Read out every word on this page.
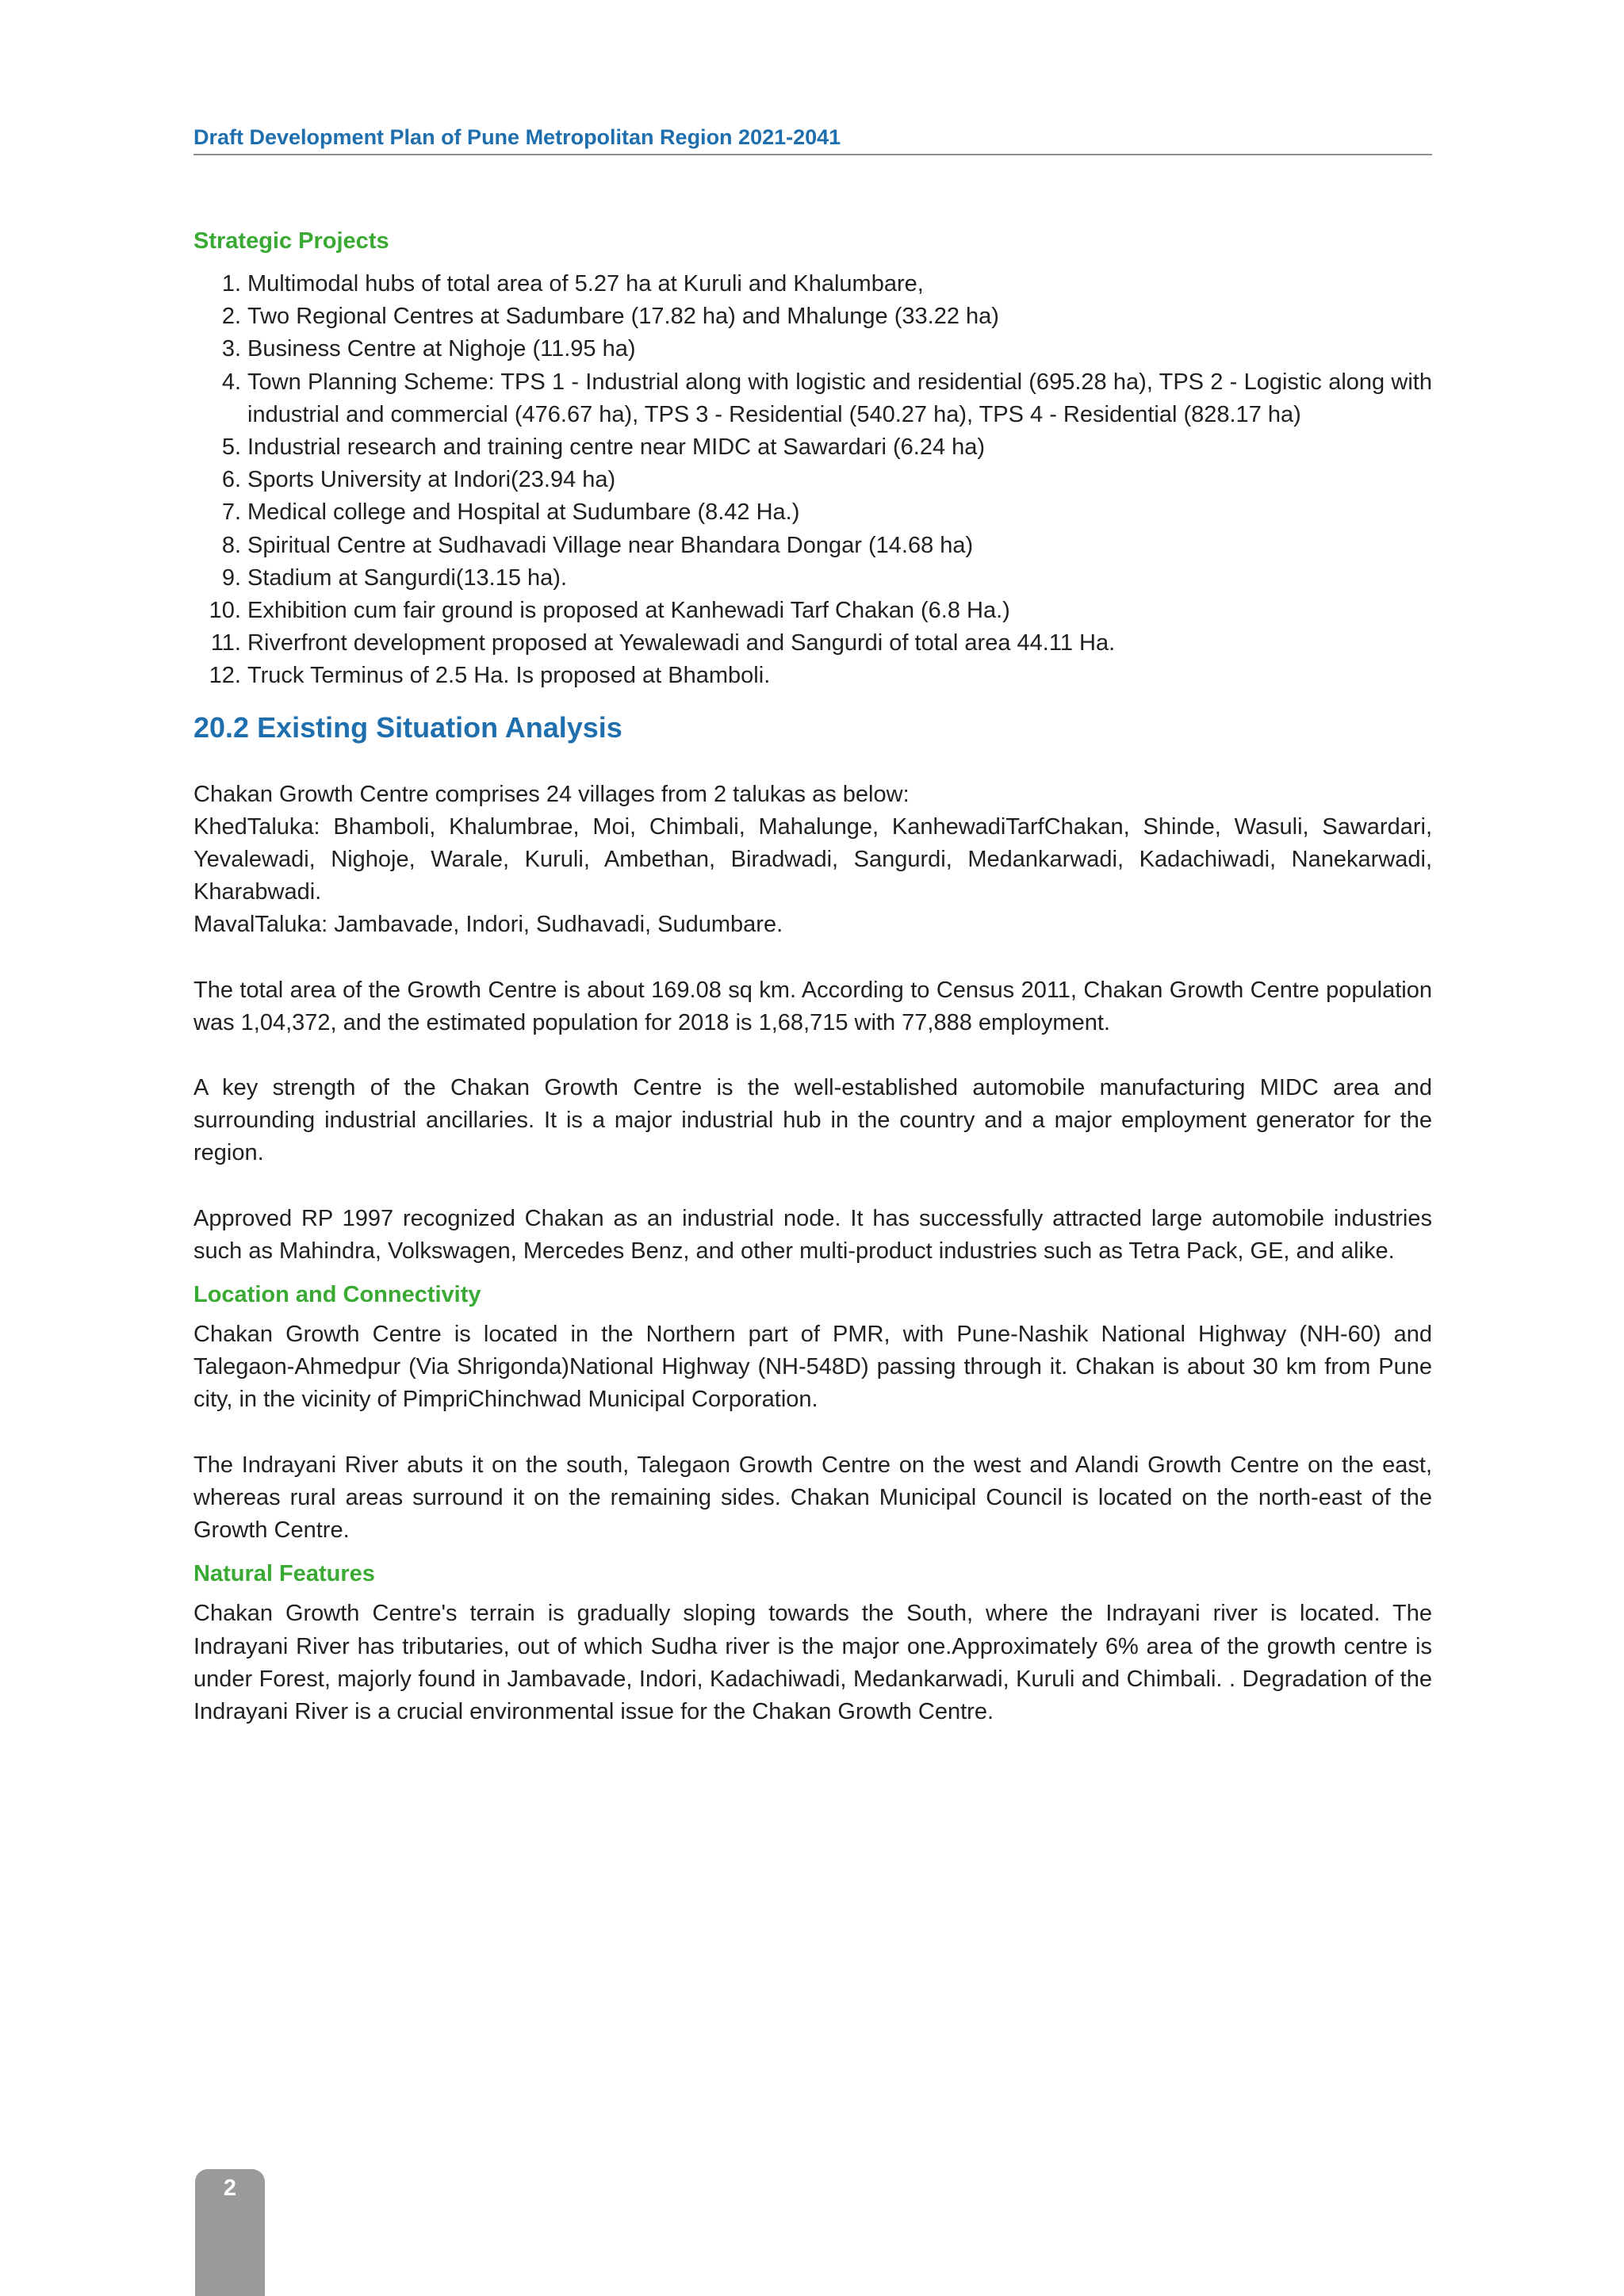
Draft Development Plan of Pune Metropolitan Region 2021-2041
Strategic Projects
1. Multimodal hubs of total area of 5.27 ha at Kuruli and Khalumbare,
2. Two Regional Centres at Sadumbare (17.82 ha) and Mhalunge (33.22 ha)
3. Business Centre at Nighoje (11.95 ha)
4. Town Planning Scheme: TPS 1 - Industrial along with logistic and residential (695.28 ha), TPS 2 - Logistic along with industrial and commercial (476.67 ha), TPS 3 - Residential (540.27 ha), TPS 4 - Residential (828.17 ha)
5. Industrial research and training centre near MIDC at Sawardari (6.24 ha)
6. Sports University at Indori(23.94 ha)
7. Medical college and Hospital at Sudumbare (8.42 Ha.)
8. Spiritual Centre at Sudhavadi Village near Bhandara Dongar (14.68 ha)
9. Stadium at Sangurdi(13.15 ha).
10. Exhibition cum fair ground is proposed at Kanhewadi Tarf Chakan (6.8 Ha.)
11. Riverfront development proposed at Yewalewadi and Sangurdi of total area 44.11 Ha.
12. Truck Terminus of 2.5 Ha. Is proposed at Bhamboli.
20.2 Existing Situation Analysis

Chakan Growth Centre comprises 24 villages from 2 talukas as below:

KhedTaluka: Bhamboli, Khalumbrae, Moi, Chimbali, Mahalunge, KanhewadiTarfChakan, Shinde, Wasuli, Sawardari, Yevalewadi, Nighoje, Warale, Kuruli, Ambethan, Biradwadi, Sangurdi, Medankarwadi, Kadachiwadi, Nanekarwadi, Kharabwadi.

MavalTaluka: Jambavade, Indori, Sudhavadi, Sudumbare.

The total area of the Growth Centre is about 169.08 sq km. According to Census 2011, Chakan Growth Centre population was 1,04,372, and the estimated population for 2018 is 1,68,715 with 77,888 employment.

A key strength of the Chakan Growth Centre is the well-established automobile manufacturing MIDC area and surrounding industrial ancillaries. It is a major industrial hub in the country and a major employment generator for the region.

Approved RP 1997 recognized Chakan as an industrial node. It has successfully attracted large automobile industries such as Mahindra, Volkswagen, Mercedes Benz, and other multi-product industries such as Tetra Pack, GE, and alike.

Location and Connectivity

Chakan Growth Centre is located in the Northern part of PMR, with Pune-Nashik National Highway (NH-60) and Talegaon-Ahmedpur (Via Shrigonda)National Highway (NH-548D) passing through it. Chakan is about 30 km from Pune city, in the vicinity of PimpriChinchwad Municipal Corporation.

The Indrayani River abuts it on the south, Talegaon Growth Centre on the west and Alandi Growth Centre on the east, whereas rural areas surround it on the remaining sides. Chakan Municipal Council is located on the north-east of the Growth Centre.

Natural Features

Chakan Growth Centre's terrain is gradually sloping towards the South, where the Indrayani river is located. The Indrayani River has tributaries, out of which Sudha river is the major one.Approximately 6% area of the growth centre is under Forest, majorly found in Jambavade, Indori, Kadachiwadi, Medankarwadi, Kuruli and Chimbali. . Degradation of the Indrayani River is a crucial environmental issue for the Chakan Growth Centre.

2
